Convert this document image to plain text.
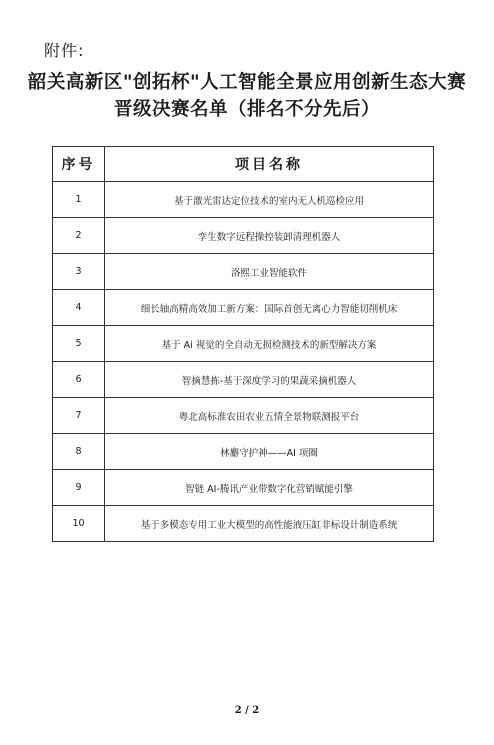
附件:
韶关高新区"创拓杯"人工智能全景应用创新生态大赛
晋级决赛名单（排名不分先后）
序号	项目名称
1	基于激光雷达定位技术的室内无人机巡检应用
2	孪生数字远程操控装卸清理机器人
3	洛熙工业智能软件
4	细长轴高精高效加工新方案：国际首创无离心力智能切削机床
5	基于 Ai 视觉的全自动无损检测技术的新型解决方案
6	智摘慧拣-基于深度学习的果蔬采摘机器人
7	粤北高标准农田农业五情全景物联测报平台
8	林麝守护神——AI 项圈
9	智链 AI-腾讯产业带数字化营销赋能引擎
10	基于多模态专用工业大模型的高性能液压缸非标设计制造系统
2 / 2
